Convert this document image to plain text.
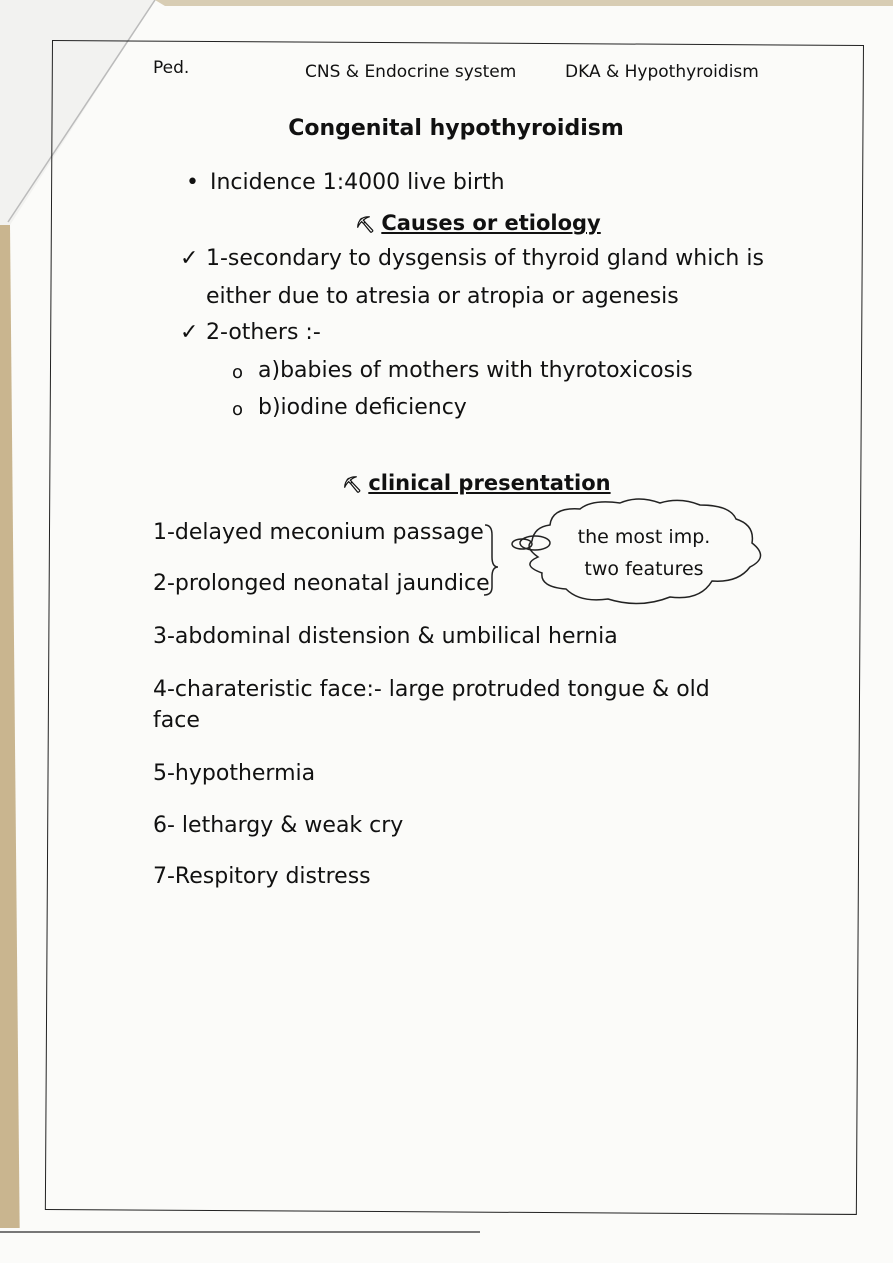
Ped.	CNS & Endocrine system	DKA & Hypothyroidism
Congenital hypothyroidism
• Incidence 1:4000 live birth
⛏ Causes or etiology
✓ 1-secondary to dysgensis of thyroid gland which is
either due to atresia or atropia or agenesis
✓ 2-others :-
o a)babies of mothers with thyrotoxicosis
o b)iodine deficiency
⛏ clinical presentation
1-delayed meconium passage
2-prolonged neonatal jaundice
3-abdominal distension & umbilical hernia
4-charateristic face:- large protruded tongue & old
face
5-hypothermia
6- lethargy & weak cry
7-Respitory distress
the most imp.
two features
